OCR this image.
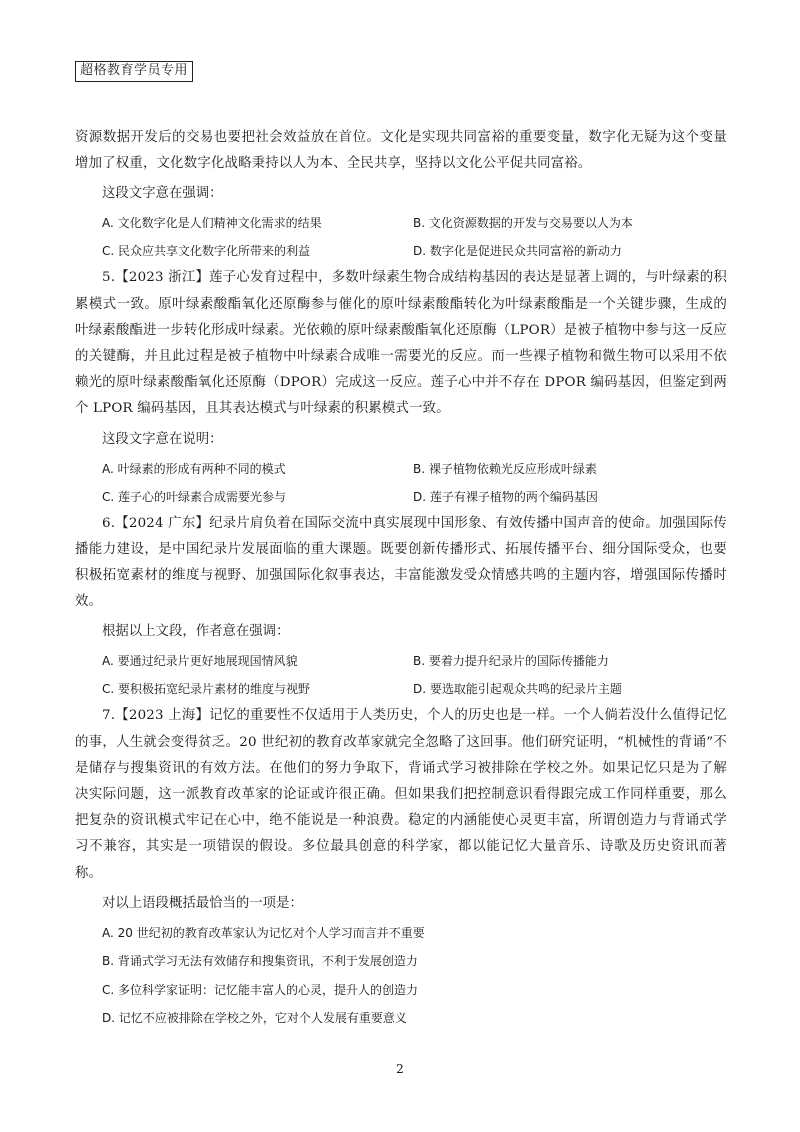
超格教育学员专用

资源数据开发后的交易也要把社会效益放在首位。文化是实现共同富裕的重要变量，数字化无疑为这个变量增加了权重，文化数字化战略秉持以人为本、全民共享，坚持以文化公平促共同富裕。

这段文字意在强调：
A. 文化数字化是人们精神文化需求的结果	B. 文化资源数据的开发与交易要以人为本
C. 民众应共享文化数字化所带来的利益	D. 数字化是促进民众共同富裕的新动力

5.【2023 浙江】莲子心发育过程中，多数叶绿素生物合成结构基因的表达是显著上调的，与叶绿素的积累模式一致。原叶绿素酸酯氧化还原酶参与催化的原叶绿素酸酯转化为叶绿素酸酯是一个关键步骤，生成的叶绿素酸酯进一步转化形成叶绿素。光依赖的原叶绿素酸酯氧化还原酶（LPOR）是被子植物中参与这一反应的关键酶，并且此过程是被子植物中叶绿素合成唯一需要光的反应。而一些裸子植物和微生物可以采用不依赖光的原叶绿素酸酯氧化还原酶（DPOR）完成这一反应。莲子心中并不存在 DPOR 编码基因，但鉴定到两个 LPOR 编码基因，且其表达模式与叶绿素的积累模式一致。

这段文字意在说明：
A. 叶绿素的形成有两种不同的模式	B. 裸子植物依赖光反应形成叶绿素
C. 莲子心的叶绿素合成需要光参与	D. 莲子有裸子植物的两个编码基因

6.【2024 广东】纪录片肩负着在国际交流中真实展现中国形象、有效传播中国声音的使命。加强国际传播能力建设，是中国纪录片发展面临的重大课题。既要创新传播形式、拓展传播平台、细分国际受众，也要积极拓宽素材的维度与视野、加强国际化叙事表达，丰富能激发受众情感共鸣的主题内容，增强国际传播时效。

根据以上文段，作者意在强调：
A. 要通过纪录片更好地展现国情风貌	B. 要着力提升纪录片的国际传播能力
C. 要积极拓宽纪录片素材的维度与视野	D. 要选取能引起观众共鸣的纪录片主题

7.【2023 上海】记忆的重要性不仅适用于人类历史，个人的历史也是一样。一个人倘若没什么值得记忆的事，人生就会变得贫乏。20 世纪初的教育改革家就完全忽略了这回事。他们研究证明，“机械性的背诵”不是储存与搜集资讯的有效方法。在他们的努力争取下，背诵式学习被排除在学校之外。如果记忆只是为了解决实际问题，这一派教育改革家的论证或许很正确。但如果我们把控制意识看得跟完成工作同样重要，那么把复杂的资讯模式牢记在心中，绝不能说是一种浪费。稳定的内涵能使心灵更丰富，所谓创造力与背诵式学习不兼容，其实是一项错误的假设。多位最具创意的科学家，都以能记忆大量音乐、诗歌及历史资讯而著称。

对以上语段概括最恰当的一项是：
A. 20 世纪初的教育改革家认为记忆对个人学习而言并不重要
B. 背诵式学习无法有效储存和搜集资讯，不利于发展创造力
C. 多位科学家证明：记忆能丰富人的心灵，提升人的创造力
D. 记忆不应被排除在学校之外，它对个人发展有重要意义
2
